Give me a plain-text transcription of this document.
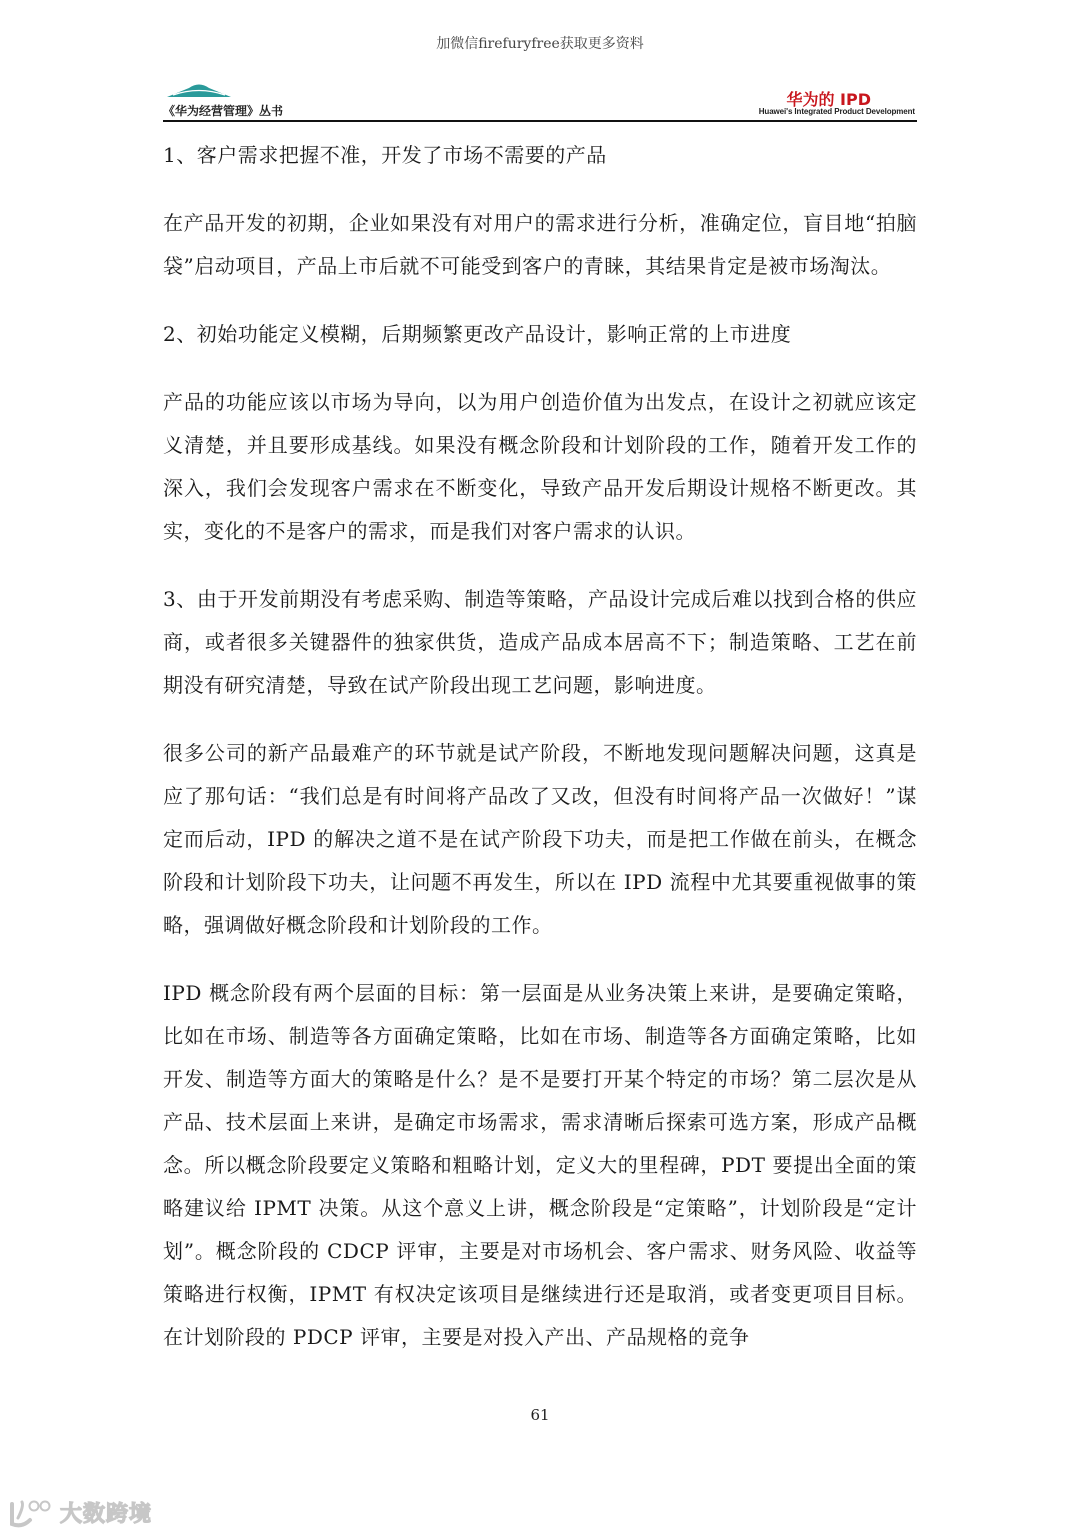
加微信firefuryfree获取更多资料
《华为经营管理》丛书
华为的 IPD
Huawei's Integrated Product Development

1、客户需求把握不准，开发了市场不需要的产品

在产品开发的初期，企业如果没有对用户的需求进行分析，准确定位，盲目地“拍脑袋”启动项目，产品上市后就不可能受到客户的青睐，其结果肯定是被市场淘汰。

2、初始功能定义模糊，后期频繁更改产品设计，影响正常的上市进度

产品的功能应该以市场为导向，以为用户创造价值为出发点，在设计之初就应该定义清楚，并且要形成基线。如果没有概念阶段和计划阶段的工作，随着开发工作的深入，我们会发现客户需求在不断变化，导致产品开发后期设计规格不断更改。其实，变化的不是客户的需求，而是我们对客户需求的认识。

3、由于开发前期没有考虑采购、制造等策略，产品设计完成后难以找到合格的供应商，或者很多关键器件的独家供货，造成产品成本居高不下；制造策略、工艺在前期没有研究清楚，导致在试产阶段出现工艺问题，影响进度。

很多公司的新产品最难产的环节就是试产阶段，不断地发现问题解决问题，这真是应了那句话：“我们总是有时间将产品改了又改，但没有时间将产品一次做好！”谋定而后动，IPD 的解决之道不是在试产阶段下功夫，而是把工作做在前头，在概念阶段和计划阶段下功夫，让问题不再发生，所以在 IPD 流程中尤其要重视做事的策略，强调做好概念阶段和计划阶段的工作。

IPD 概念阶段有两个层面的目标：第一层面是从业务决策上来讲，是要确定策略，比如在市场、制造等各方面确定策略，比如在市场、制造等各方面确定策略，比如开发、制造等方面大的策略是什么？是不是要打开某个特定的市场？第二层次是从产品、技术层面上来讲，是确定市场需求，需求清晰后探索可选方案，形成产品概念。所以概念阶段要定义策略和粗略计划，定义大的里程碑，PDT 要提出全面的策略建议给 IPMT 决策。从这个意义上讲，概念阶段是“定策略”，计划阶段是“定计划”。概念阶段的 CDCP 评审，主要是对市场机会、客户需求、财务风险、收益等策略进行权衡，IPMT 有权决定该项目是继续进行还是取消，或者变更项目目标。在计划阶段的 PDCP 评审，主要是对投入产出、产品规格的竞争

61
大数跨境
